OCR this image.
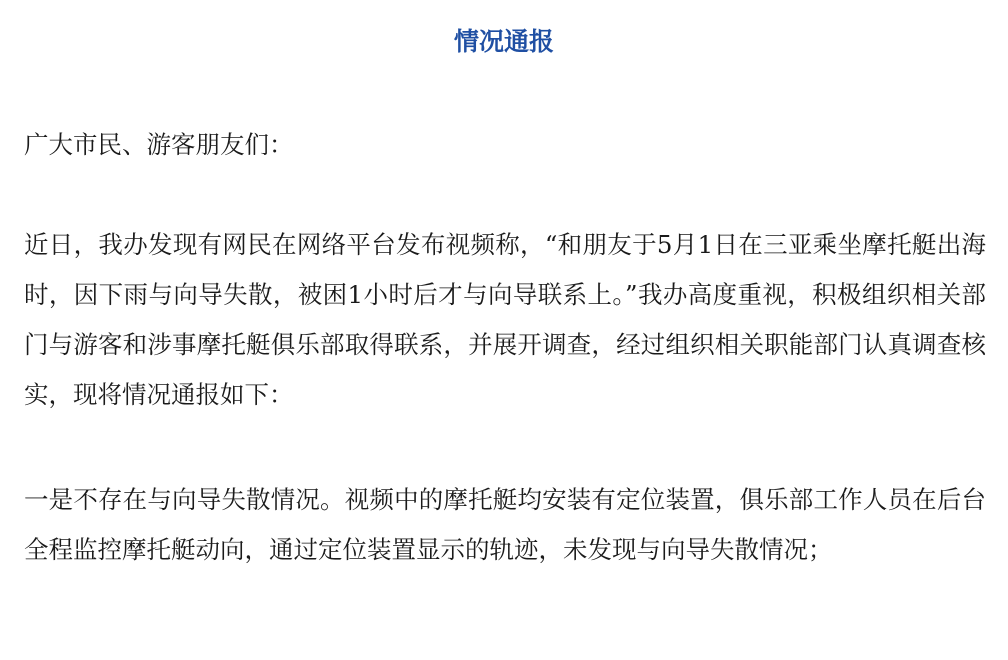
情况通报

广大市民、游客朋友们：

近日，我办发现有网民在网络平台发布视频称，“和朋友于5月1日在三亚乘坐摩托艇出海时，因下雨与向导失散，被困1小时后才与向导联系上。”我办高度重视，积极组织相关部门与游客和涉事摩托艇俱乐部取得联系，并展开调查，经过组织相关职能部门认真调查核实，现将情况通报如下：

一是不存在与向导失散情况。视频中的摩托艇均安装有定位装置，俱乐部工作人员在后台全程监控摩托艇动向，通过定位装置显示的轨迹，未发现与向导失散情况；
